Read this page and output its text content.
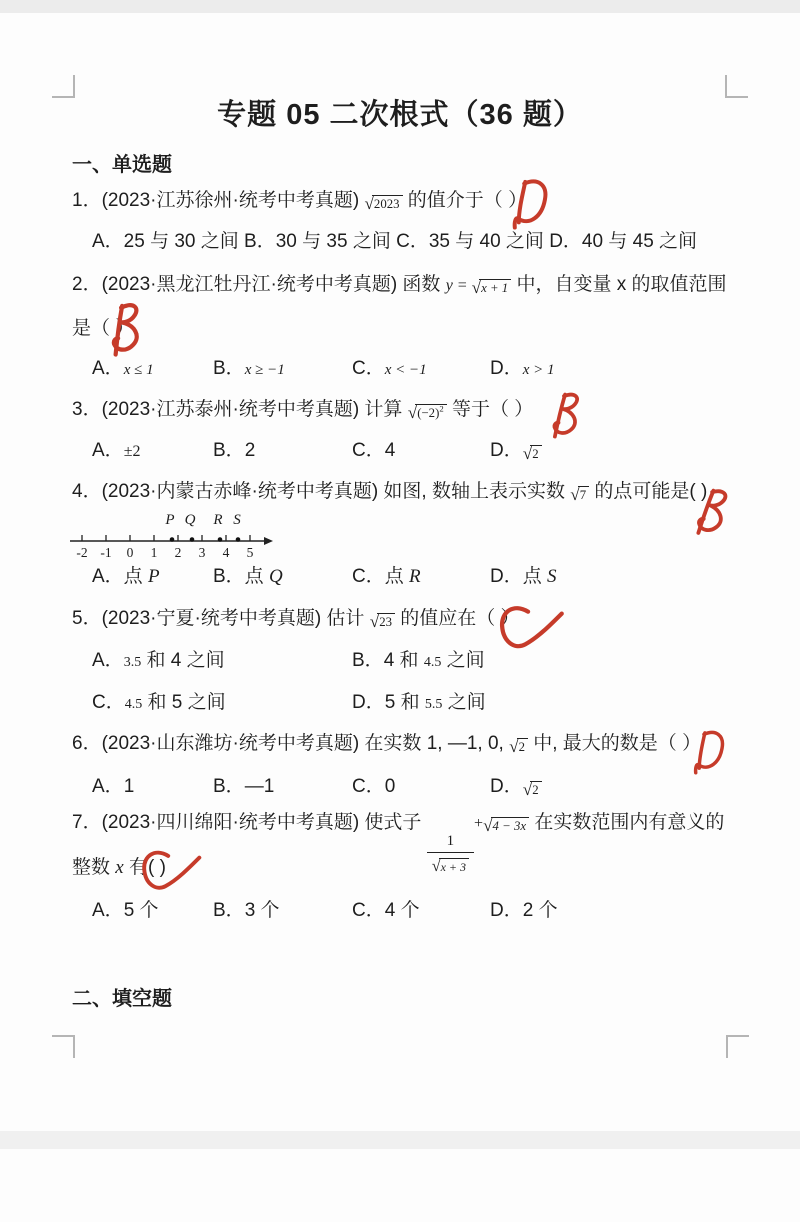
专题 05 二次根式（36 题）
一、单选题
1．(2023·江苏徐州·统考中考真题) √ 2023 的值介于（ ）
A．25 与 30 之间 B．30 与 35 之间 C．35 与 40 之间 D．40 与 45 之间
2．(2023·黑龙江牡丹江·统考中考真题) 函数 y = √ x + 1 中，自变量 x 的取值范围
是（ ）
A．x ≤ 1	B．x ≥ −1	C．x < −1	D．x > 1
3．(2023·江苏泰州·统考中考真题) 计算 √ $(-2)^2$ 等于（ ）
A．±2	B．2	C．4	D． √ 2
4．(2023·内蒙古赤峰·统考中考真题) 如图, 数轴上表示实数 √ 7 的点可能是( )
-2 -1 0 1 2 3 4 5
P Q R S
A．点 P	B．点 Q	C．点 R	D．点 S
5．(2023·宁夏·统考中考真题) 估计 √ 23 的值应在（ ）
A．3.5 和 4 之间	B．4 和 4.5 之间
C．4.5 和 5 之间	D．5 和 5.5 之间
6．(2023·山东潍坊·统考中考真题) 在实数 1, —1, 0, √ 2 中, 最大的数是（ ）
A．1	B．—1	C．0	D． √ 2
7．(2023·四川绵阳·统考中考真题) 使式子
$\frac{1}{√ x + 3}$
+ √ 4 − 3x 在实数范围内有意义的
整数 x 有( )
A．5 个	B．3 个	C．4 个	D．2 个
二、填空题
